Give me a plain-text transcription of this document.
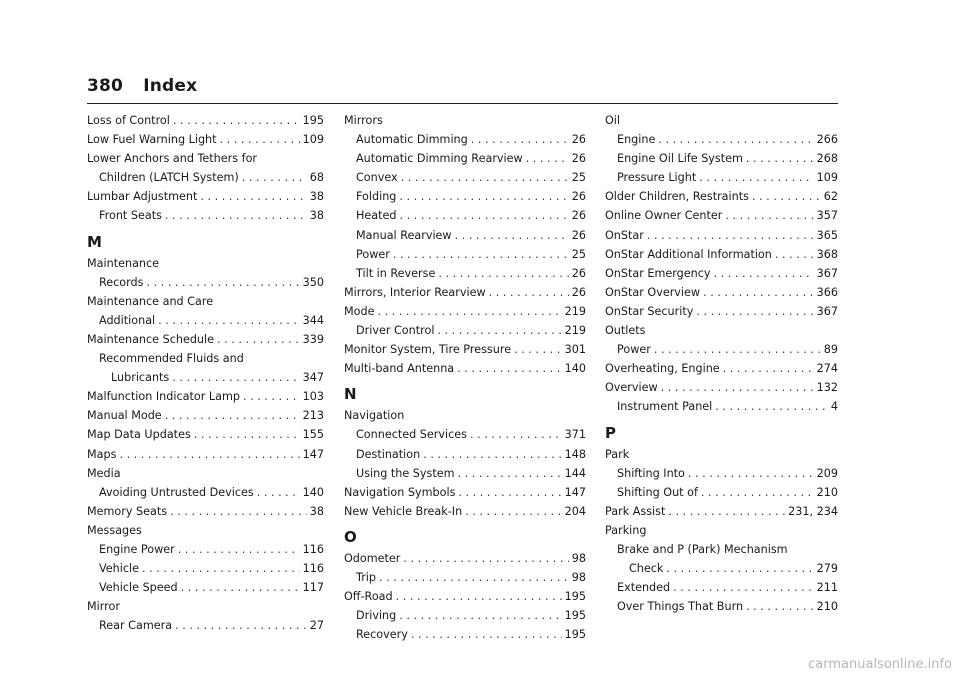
380 Index
Loss of Control . . .	195
Low Fuel Warning Light . . .	109
Lower Anchors and Tethers for
Children (LATCH System) . . .	68
Lumbar Adjustment . . .	38
Front Seats . . .	38
M
Maintenance
Records . . .	350
Maintenance and Care
Additional . . .	344
Maintenance Schedule . . .	339
Recommended Fluids and
Lubricants . . .	347
Malfunction Indicator Lamp . . .	103
Manual Mode . . .	213
Map Data Updates . . .	155
Maps . . .	147
Media
Avoiding Untrusted Devices . . .	140
Memory Seats . . .	38
Messages
Engine Power . . .	116
Vehicle . . .	116
Vehicle Speed . . .	117
Mirror
Rear Camera . . .	27
Mirrors
Automatic Dimming . . .	26
Automatic Dimming Rearview . . .	26
Convex . . .	25
Folding . . .	26
Heated . . .	26
Manual Rearview . . .	26
Power . . .	25
Tilt in Reverse . . .	26
Mirrors, Interior Rearview . . .	26
Mode . . .	219
Driver Control . . .	219
Monitor System, Tire Pressure . . .	301
Multi-band Antenna . . .	140
N
Navigation
Connected Services . . .	371
Destination . . .	148
Using the System . . .	144
Navigation Symbols . . .	147
New Vehicle Break-In . . .	204
O
Odometer . . .	98
Trip . . .	98
Off-Road . . .	195
Driving . . .	195
Recovery . . .	195
Oil
Engine . . .	266
Engine Oil Life System . . .	268
Pressure Light . . .	109
Older Children, Restraints . . .	62
Online Owner Center . . .	357
OnStar . . .	365
OnStar Additional Information . . .	368
OnStar Emergency . . .	367
OnStar Overview . . .	366
OnStar Security . . .	367
Outlets
Power . . .	89
Overheating, Engine . . .	274
Overview . . .	132
Instrument Panel . . .	4
P
Park
Shifting Into . . .	209
Shifting Out of . . .	210
Park Assist . . .	231, 234
Parking
Brake and P (Park) Mechanism
Check . . .	279
Extended . . .	211
Over Things That Burn . . .	210
carmanualsonline.info
